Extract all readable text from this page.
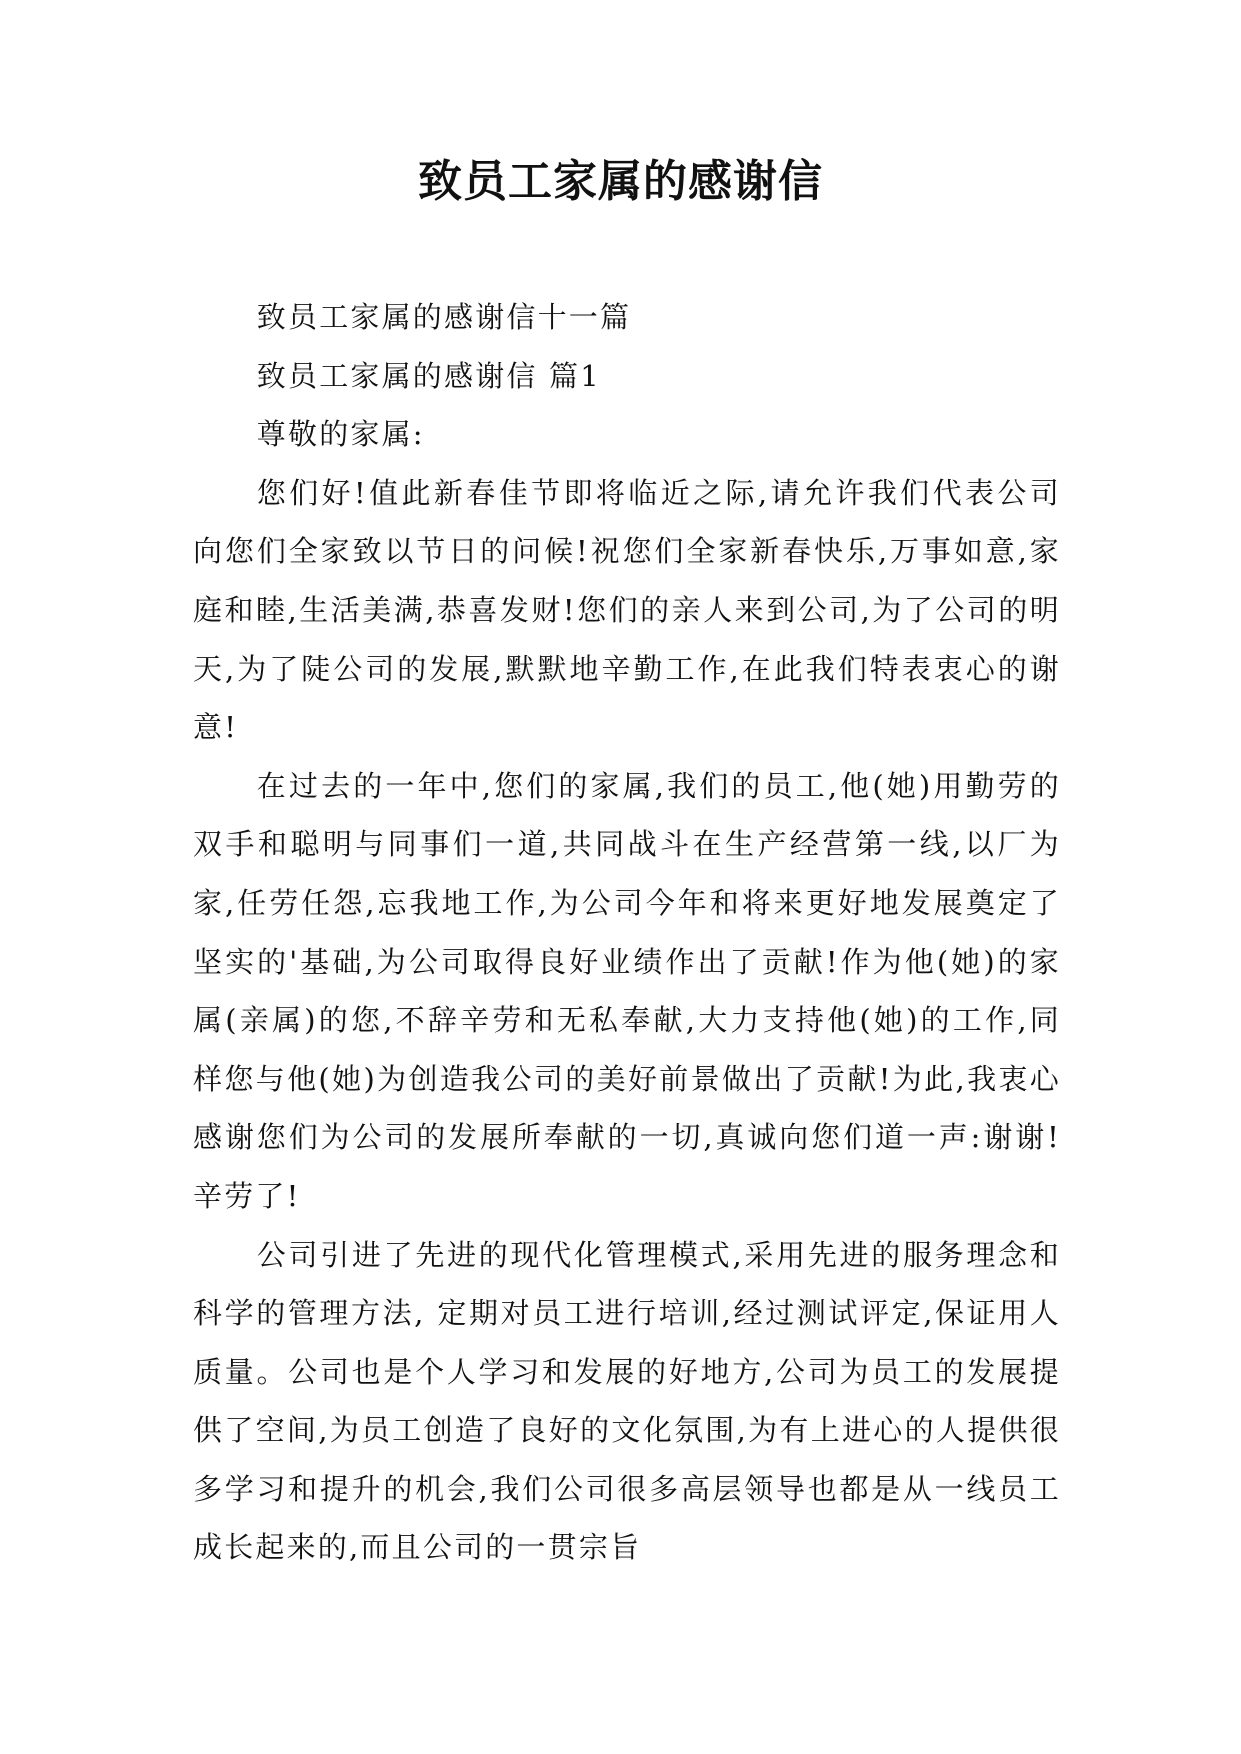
致员工家属的感谢信

致员工家属的感谢信十一篇

致员工家属的感谢信 篇1

尊敬的家属:

您们好!值此新春佳节即将临近之际,请允许我们代表公司向您们全家致以节日的问候!祝您们全家新春快乐,万事如意,家庭和睦,生活美满,恭喜发财!您们的亲人来到公司,为了公司的明天,为了陡公司的发展,默默地辛勤工作,在此我们特表衷心的谢意!

在过去的一年中,您们的家属,我们的员工,他(她)用勤劳的双手和聪明与同事们一道,共同战斗在生产经营第一线,以厂为家,任劳任怨,忘我地工作,为公司今年和将来更好地发展奠定了坚实的'基础,为公司取得良好业绩作出了贡献!作为他(她)的家属(亲属)的您,不辞辛劳和无私奉献,大力支持他(她)的工作,同样您与他(她)为创造我公司的美好前景做出了贡献!为此,我衷心感谢您们为公司的发展所奉献的一切,真诚向您们道一声:谢谢!辛劳了!

公司引进了先进的现代化管理模式,采用先进的服务理念和科学的管理方法, 定期对员工进行培训,经过测试评定,保证用人质量。公司也是个人学习和发展的好地方,公司为员工的发展提供了空间,为员工创造了良好的文化氛围,为有上进心的人提供很多学习和提升的机会,我们公司很多高层领导也都是从一线员工成长起来的,而且公司的一贯宗旨
